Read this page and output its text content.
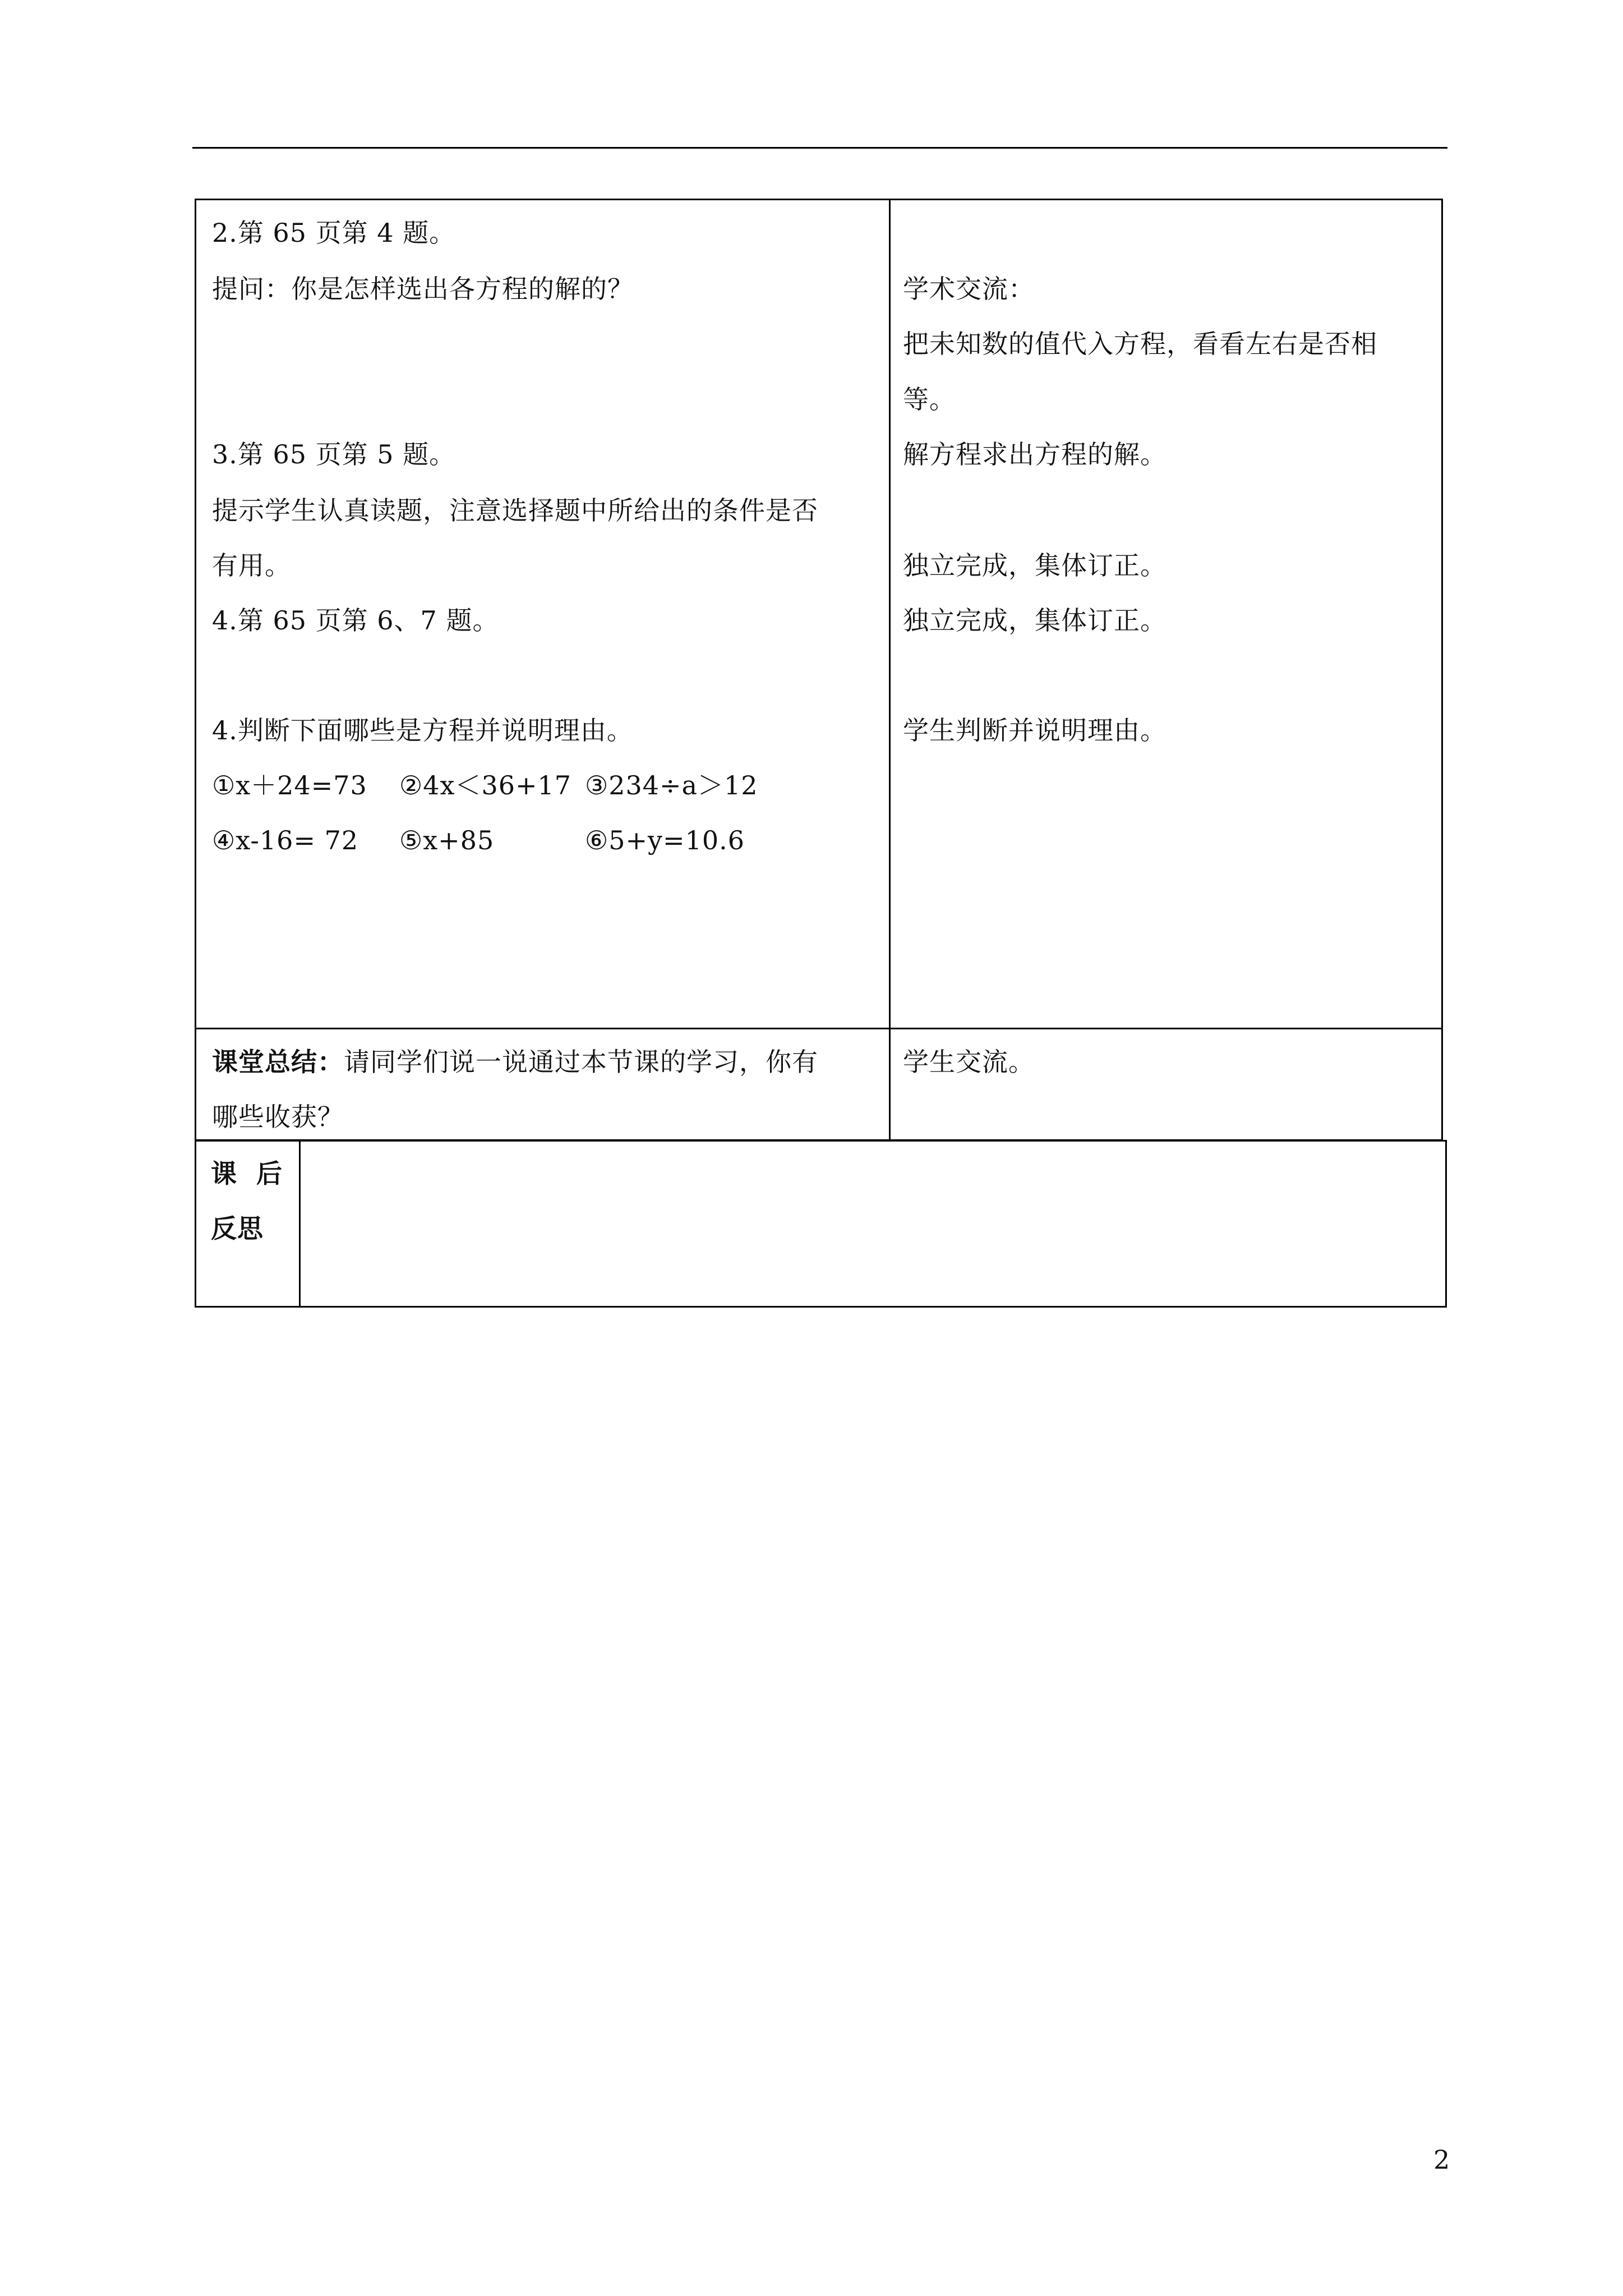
2.第 65 页第 4 题。
提问：你是怎样选出各方程的解的？
3.第 65 页第 5 题。
提示学生认真读题，注意选择题中所给出的条件是否
有用。
4.第 65 页第 6、7 题。
4.判断下面哪些是方程并说明理由。
①x＋24=73 ②4x＜36+17 ③234÷a＞12
④x-16= 72 ⑤x+85	⑥5+y=10.6
学术交流：
把未知数的值代入方程，看看左右是否相
等。
解方程求出方程的解。
独立完成，集体订正。
独立完成，集体订正。
学生判断并说明理由。
课堂总结：请同学们说一说通过本节课的学习，你有
哪些收获？
学生交流。
课  后
反思
2
